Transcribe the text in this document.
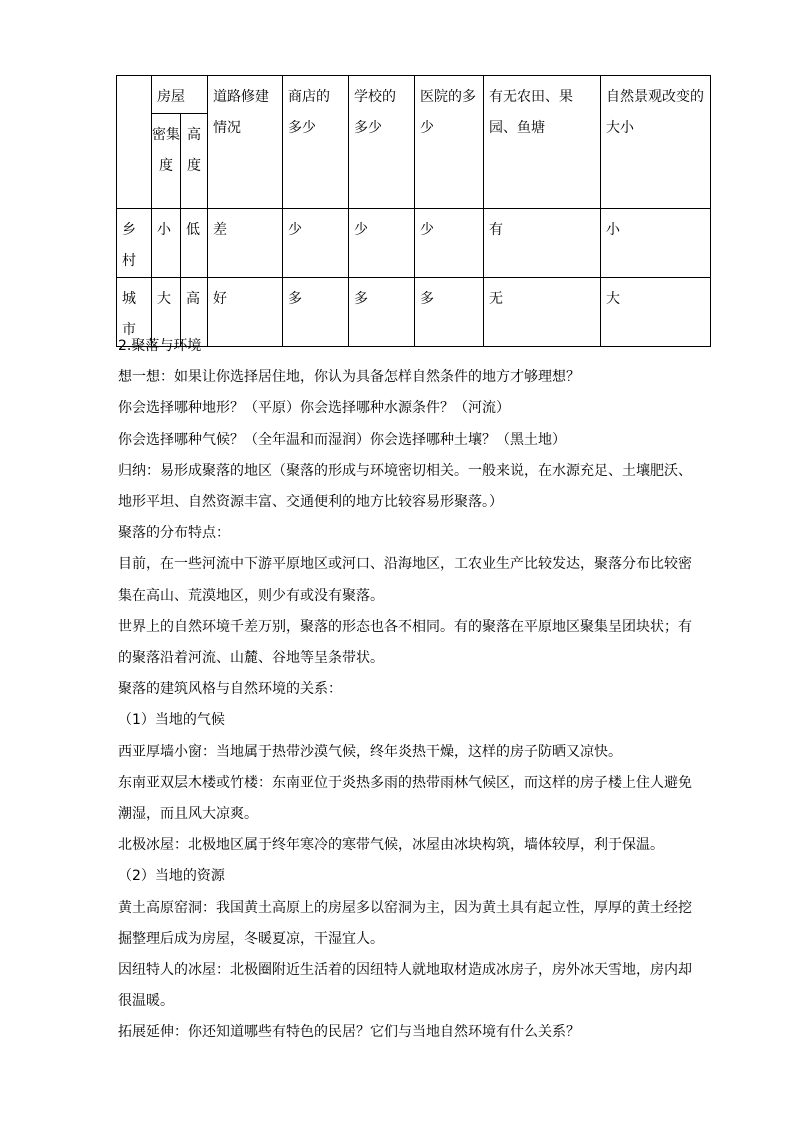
	房屋		道路修建情况	商店的多少	学校的多少	医院的多少	有无农田、果园、鱼塘	自然景观改变的大小
	密集度	高度						
乡村	小	低	差	少	少	少	有	小
城市	大	高	好	多	多	多	无	大

2.聚落与环境

想一想：如果让你选择居住地，你认为具备怎样自然条件的地方才够理想？

你会选择哪种地形？（平原）你会选择哪种水源条件？（河流）

你会选择哪种气候？（全年温和而湿润）你会选择哪种土壤？（黑土地）

归纳：易形成聚落的地区（聚落的形成与环境密切相关。一般来说，在水源充足、土壤肥沃、地形平坦、自然资源丰富、交通便利的地方比较容易形聚落。）

聚落的分布特点：

目前，在一些河流中下游平原地区或河口、沿海地区，工农业生产比较发达，聚落分布比较密集在高山、荒漠地区，则少有或没有聚落。

世界上的自然环境千差万别，聚落的形态也各不相同。有的聚落在平原地区聚集呈团块状；有的聚落沿着河流、山麓、谷地等呈条带状。

聚落的建筑风格与自然环境的关系：

（1）当地的气候

西亚厚墙小窗：当地属于热带沙漠气候，终年炎热干燥，这样的房子防晒又凉快。

东南亚双层木楼或竹楼：东南亚位于炎热多雨的热带雨林气候区，而这样的房子楼上住人避免潮湿，而且风大凉爽。

北极冰屋：北极地区属于终年寒冷的寒带气候，冰屋由冰块构筑，墙体较厚，利于保温。

（2）当地的资源

黄土高原窑洞：我国黄土高原上的房屋多以窑洞为主，因为黄土具有起立性，厚厚的黄土经挖掘整理后成为房屋，冬暖夏凉，干湿宜人。

因纽特人的冰屋：北极圈附近生活着的因纽特人就地取材造成冰房子，房外冰天雪地，房内却很温暖。

拓展延伸：你还知道哪些有特色的民居？它们与当地自然环境有什么关系？
